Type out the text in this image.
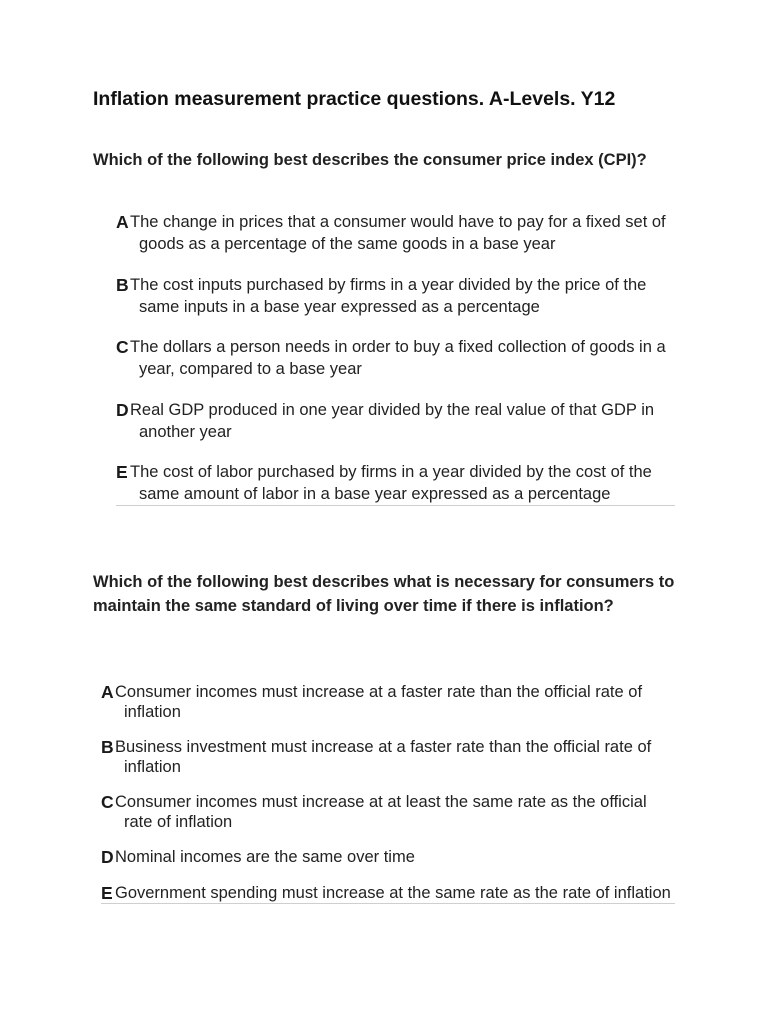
Inflation measurement practice questions. A-Levels. Y12

Which of the following best describes the consumer price index (CPI)?

A The change in prices that a consumer would have to pay for a fixed set of goods as a percentage of the same goods in a base year
B The cost inputs purchased by firms in a year divided by the price of the same inputs in a base year expressed as a percentage
C The dollars a person needs in order to buy a fixed collection of goods in a year, compared to a base year
D Real GDP produced in one year divided by the real value of that GDP in another year
E The cost of labor purchased by firms in a year divided by the cost of the same amount of labor in a base year expressed as a percentage

Which of the following best describes what is necessary for consumers to maintain the same standard of living over time if there is inflation?

A Consumer incomes must increase at a faster rate than the official rate of inflation
B Business investment must increase at a faster rate than the official rate of inflation
C Consumer incomes must increase at at least the same rate as the official rate of inflation
D Nominal incomes are the same over time
E Government spending must increase at the same rate as the rate of inflation
